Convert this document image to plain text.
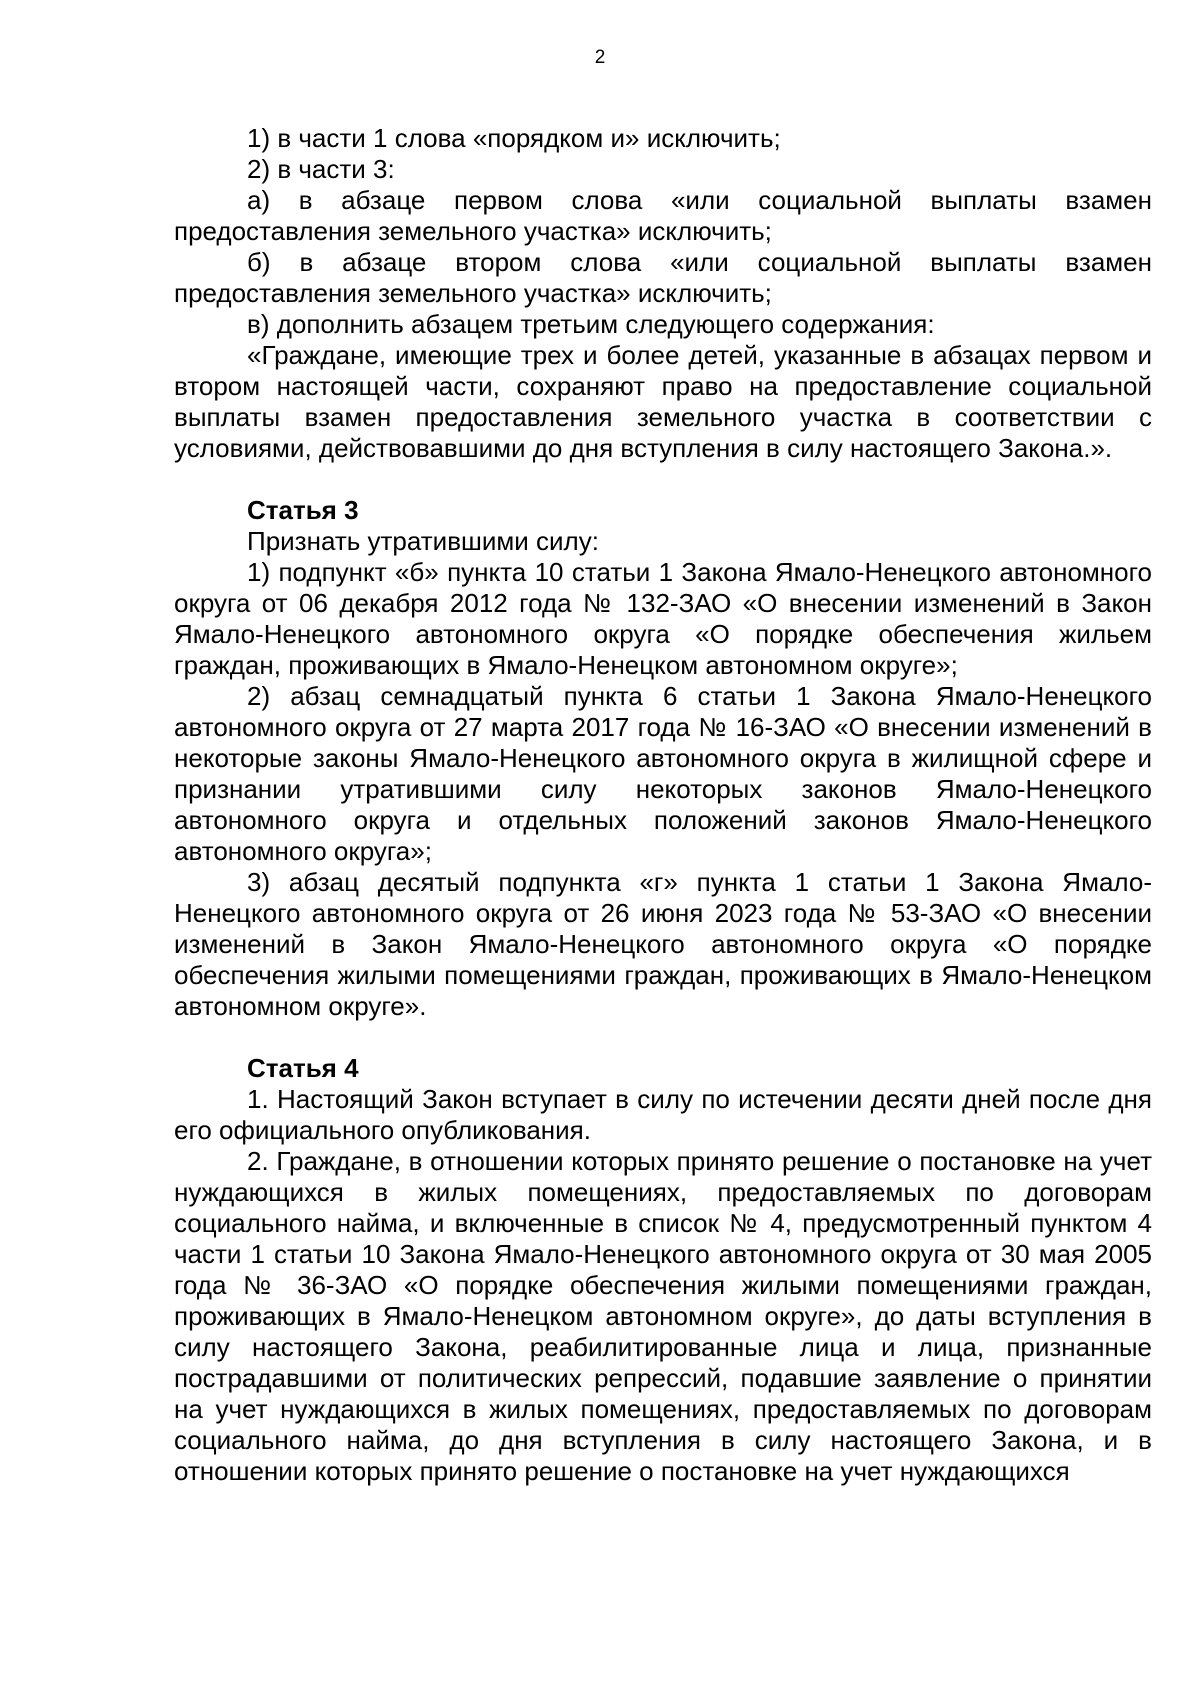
2

1) в части 1 слова «порядком и» исключить;

2) в части 3:

а) в абзаце первом слова «или социальной выплаты взамен предоставления земельного участка» исключить;

б) в абзаце втором слова «или социальной выплаты взамен предоставления земельного участка» исключить;

в) дополнить абзацем третьим следующего содержания:

«Граждане, имеющие трех и более детей, указанные в абзацах первом и втором настоящей части, сохраняют право на предоставление социальной выплаты взамен предоставления земельного участка в соответствии с условиями, действовавшими до дня вступления в силу настоящего Закона.».

Статья 3

Признать утратившими силу:

1) подпункт «б» пункта 10 статьи 1 Закона Ямало-Ненецкого автономного округа от 06 декабря 2012 года № 132-ЗАО «О внесении изменений в Закон Ямало-Ненецкого автономного округа «О порядке обеспечения жильем граждан, проживающих в Ямало-Ненецком автономном округе»;

2) абзац семнадцатый пункта 6 статьи 1 Закона Ямало-Ненецкого автономного округа от 27 марта 2017 года № 16-ЗАО «О внесении изменений в некоторые законы Ямало-Ненецкого автономного округа в жилищной сфере и признании утратившими силу некоторых законов Ямало-Ненецкого автономного округа и отдельных положений законов Ямало-Ненецкого автономного округа»;

3) абзац десятый подпункта «г» пункта 1 статьи 1 Закона Ямало-Ненецкого автономного округа от 26 июня 2023 года № 53-ЗАО «О внесении изменений в Закон Ямало-Ненецкого автономного округа «О порядке обеспечения жилыми помещениями граждан, проживающих в Ямало-Ненецком автономном округе».

Статья 4

1. Настоящий Закон вступает в силу по истечении десяти дней после дня его официального опубликования.

2. Граждане, в отношении которых принято решение о постановке на учет нуждающихся в жилых помещениях, предоставляемых по договорам социального найма, и включенные в список № 4, предусмотренный пунктом 4 части 1 статьи 10 Закона Ямало-Ненецкого автономного округа от 30 мая 2005 года № 36-ЗАО «О порядке обеспечения жилыми помещениями граждан, проживающих в Ямало-Ненецком автономном округе», до даты вступления в силу настоящего Закона, реабилитированные лица и лица, признанные пострадавшими от политических репрессий, подавшие заявление о принятии на учет нуждающихся в жилых помещениях, предоставляемых по договорам социального найма, до дня вступления в силу настоящего Закона, и в отношении которых принято решение о постановке на учет нуждающихся
